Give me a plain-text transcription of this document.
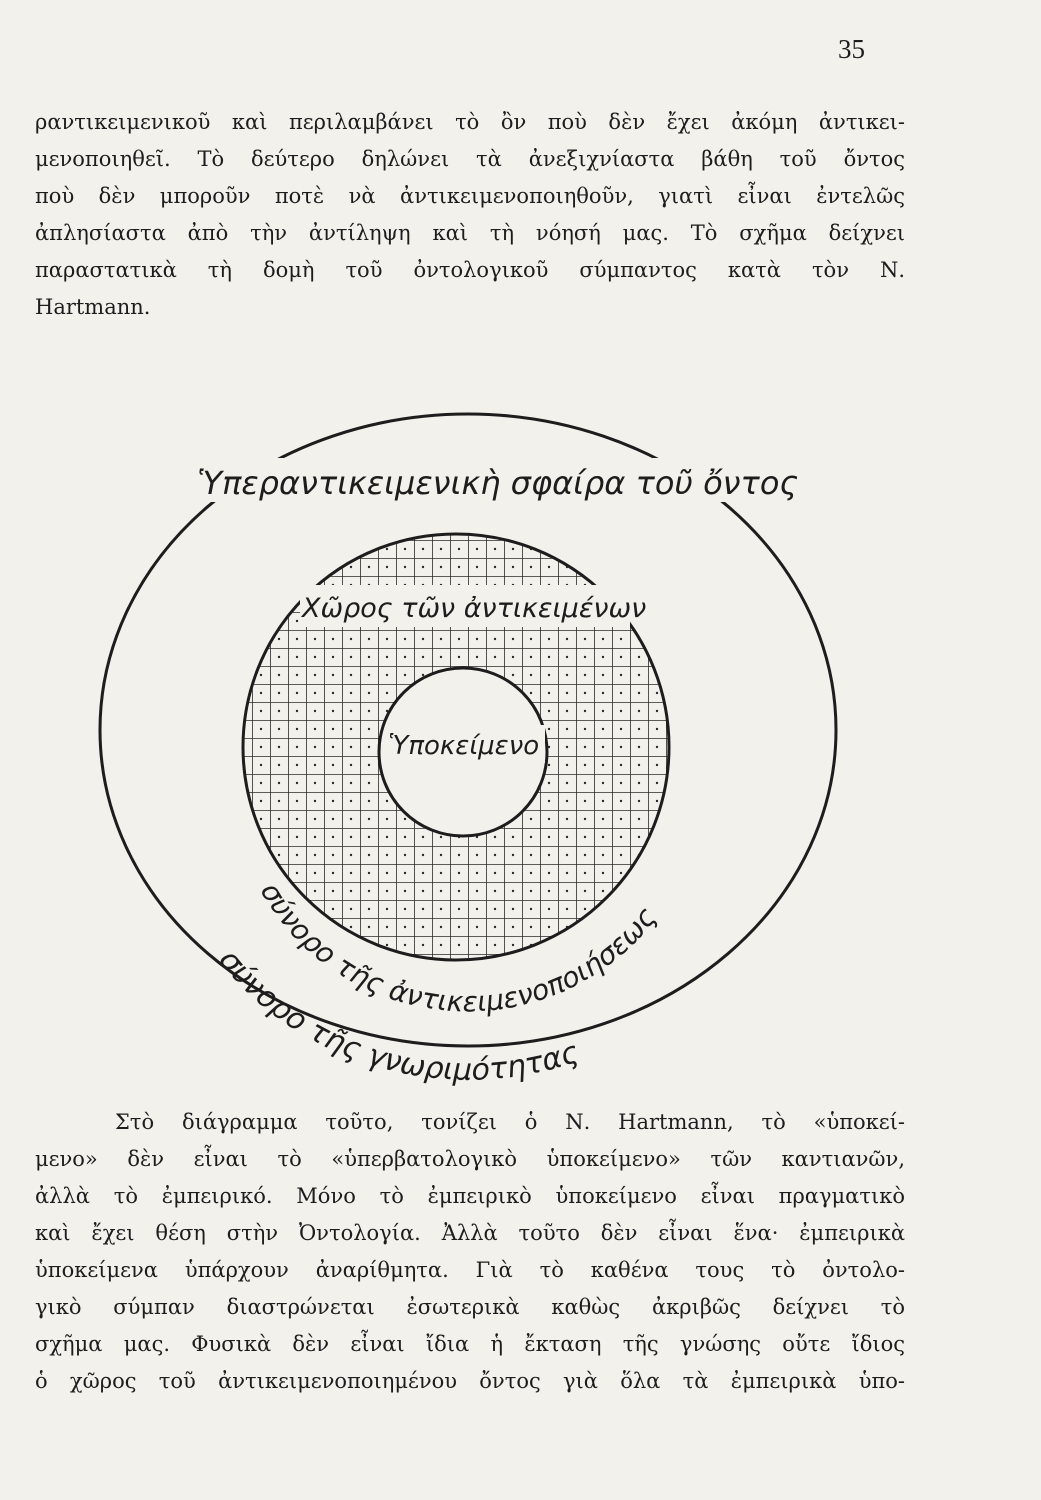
35
ραντικειμενικοῦ καὶ περιλαμβάνει τὸ ὂν ποὺ δὲν ἔχει ἀκόμη ἀντικει-
μενοποιηθεῖ. Τὸ δεύτερο δηλώνει τὰ ἀνεξιχνίαστα βάθη τοῦ ὄντος
ποὺ δὲν μποροῦν ποτὲ νὰ ἀντικειμενοποιηθοῦν, γιατὶ εἶναι ἐντελῶς
ἀπλησίαστα ἀπὸ τὴν ἀντίληψη καὶ τὴ νόησή μας. Τὸ σχῆμα δείχνει
παραστατικὰ τὴ δομὴ τοῦ ὀντολογικοῦ σύμπαντος κατὰ τὸν Ν.
Hartmann.
Ὑπεραντικειμενικὴ σφαίρα τοῦ ὄντος
Χῶρος τῶν ἀντικειμένων
Ὑποκείμενο
σύνορο τῆς ἀντικειμενοποιήσεως
σύνορο τῆς γνωριμότητας
Στὸ διάγραμμα τοῦτο, τονίζει ὁ Ν. Hartmann, τὸ «ὑποκεί-
μενο» δὲν εἶναι τὸ «ὑπερβατολογικὸ ὑποκείμενο» τῶν καντιανῶν,
ἀλλὰ τὸ ἐμπειρικό. Μόνο τὸ ἐμπειρικὸ ὑποκείμενο εἶναι πραγματικὸ
καὶ ἔχει θέση στὴν Ὀντολογία. Ἀλλὰ τοῦτο δὲν εἶναι ἕνα· ἐμπειρικὰ
ὑποκείμενα ὑπάρχουν ἀναρίθμητα. Γιὰ τὸ καθένα τους τὸ ὀντολο-
γικὸ σύμπαν διαστρώνεται ἐσωτερικὰ καθὼς ἀκριβῶς δείχνει τὸ
σχῆμα μας. Φυσικὰ δὲν εἶναι ἴδια ἡ ἔκταση τῆς γνώσης οὔτε ἴδιος
ὁ χῶρος τοῦ ἀντικειμενοποιημένου ὄντος γιὰ ὅλα τὰ ἐμπειρικὰ ὑπο-
